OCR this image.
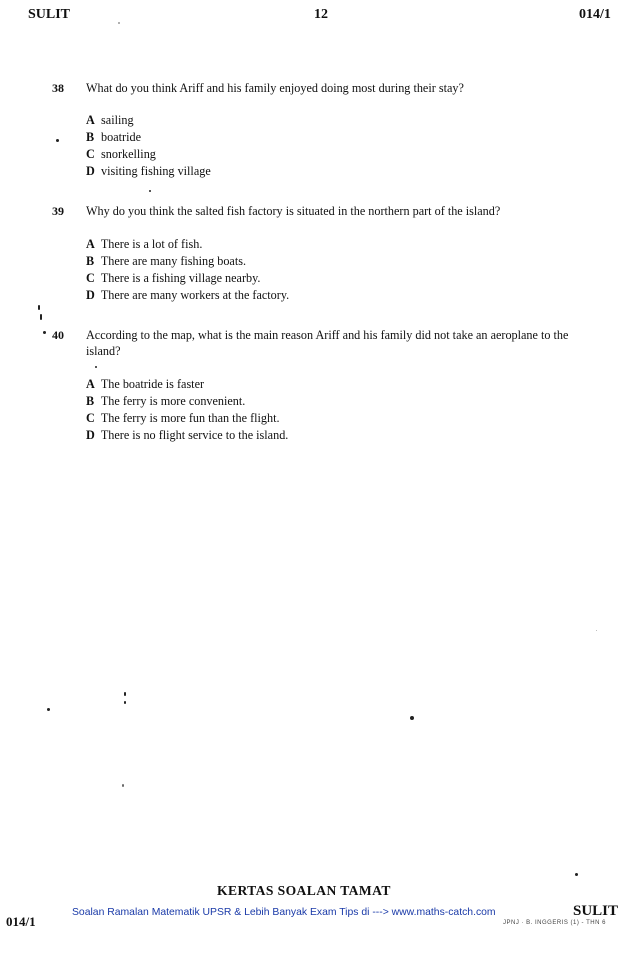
SULIT	12	014/1
38 What do you think Ariff and his family enjoyed doing most during their stay?
A sailing
B boatride
C snorkelling
D visiting fishing village
39 Why do you think the salted fish factory is situated in the northern part of the island?
A There is a lot of fish.
B There are many fishing boats.
C There is a fishing village nearby.
D There are many workers at the factory.
40 According to the map, what is the main reason Ariff and his family did not take an aeroplane to the
island?
A The boatride is faster
B The ferry is more convenient.
C The ferry is more fun than the flight.
D There is no flight service to the island.
KERTAS SOALAN TAMAT
014/1
Soalan Ramalan Matematik UPSR & Lebih Banyak Exam Tips di ---> www.maths-catch.com	SULIT
JPNJ · B. INGGERIS (1) - THN 6
